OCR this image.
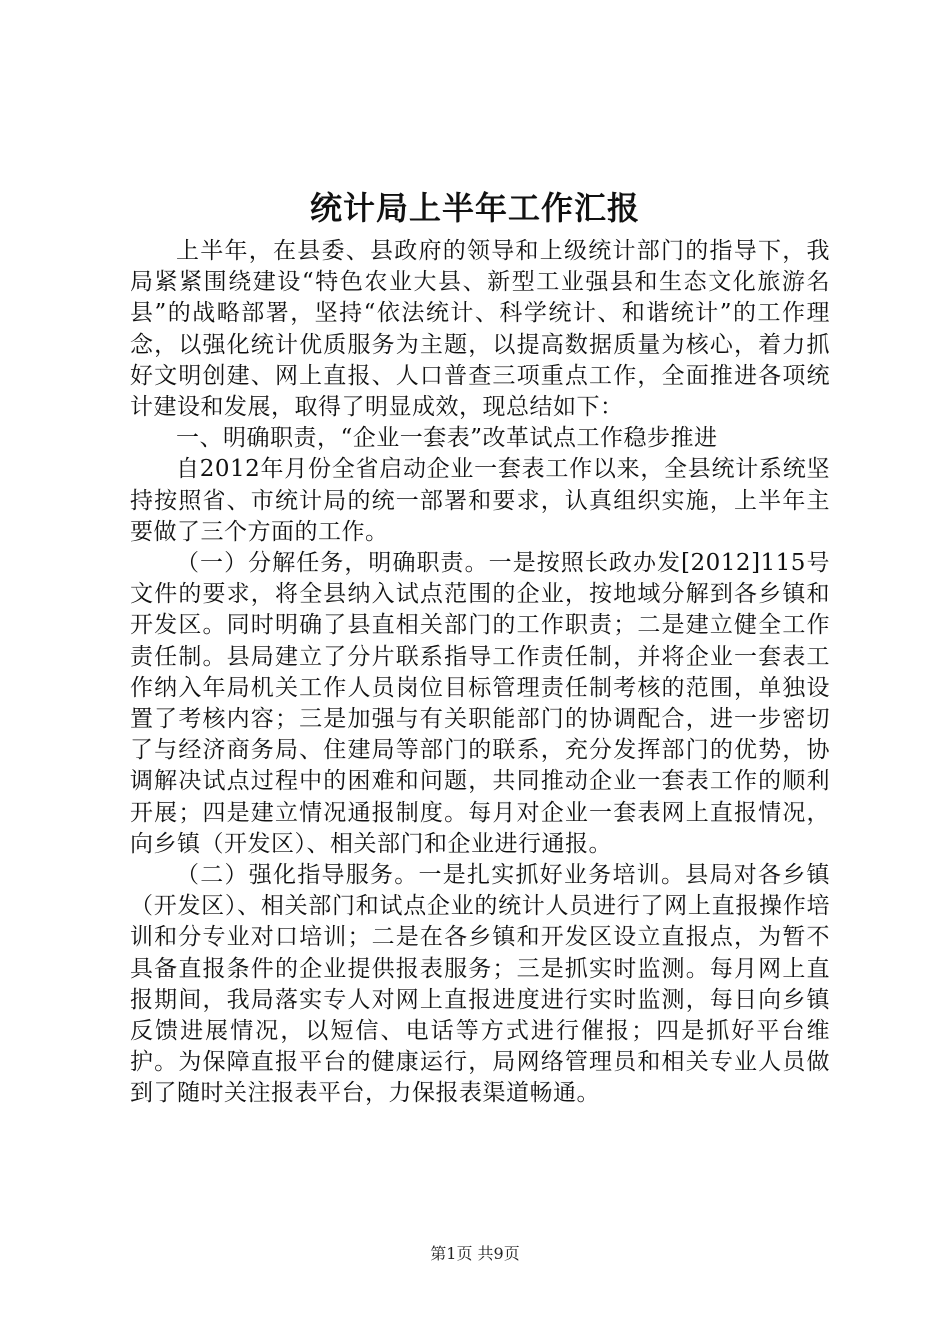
统计局上半年工作汇报

上半年，在县委、县政府的领导和上级统计部门的指导下，我局紧紧围绕建设“特色农业大县、新型工业强县和生态文化旅游名县”的战略部署，坚持“依法统计、科学统计、和谐统计”的工作理念，以强化统计优质服务为主题，以提高数据质量为核心，着力抓好文明创建、网上直报、人口普查三项重点工作，全面推进各项统计建设和发展，取得了明显成效，现总结如下：

一、明确职责，“企业一套表”改革试点工作稳步推进

自2012年月份全省启动企业一套表工作以来，全县统计系统坚持按照省、市统计局的统一部署和要求，认真组织实施，上半年主要做了三个方面的工作。

（一）分解任务，明确职责。一是按照长政办发[2012]115号文件的要求，将全县纳入试点范围的企业，按地域分解到各乡镇和开发区。同时明确了县直相关部门的工作职责；二是建立健全工作责任制。县局建立了分片联系指导工作责任制，并将企业一套表工作纳入年局机关工作人员岗位目标管理责任制考核的范围，单独设置了考核内容；三是加强与有关职能部门的协调配合，进一步密切了与经济商务局、住建局等部门的联系，充分发挥部门的优势，协调解决试点过程中的困难和问题，共同推动企业一套表工作的顺利开展；四是建立情况通报制度。每月对企业一套表网上直报情况，向乡镇（开发区）、相关部门和企业进行通报。

（二）强化指导服务。一是扎实抓好业务培训。县局对各乡镇（开发区）、相关部门和试点企业的统计人员进行了网上直报操作培训和分专业对口培训；二是在各乡镇和开发区设立直报点，为暂不具备直报条件的企业提供报表服务；三是抓实时监测。每月网上直报期间，我局落实专人对网上直报进度进行实时监测，每日向乡镇反馈进展情况，以短信、电话等方式进行催报；四是抓好平台维护。为保障直报平台的健康运行，局网络管理员和相关专业人员做到了随时关注报表平台，力保报表渠道畅通。

第1页 共9页
